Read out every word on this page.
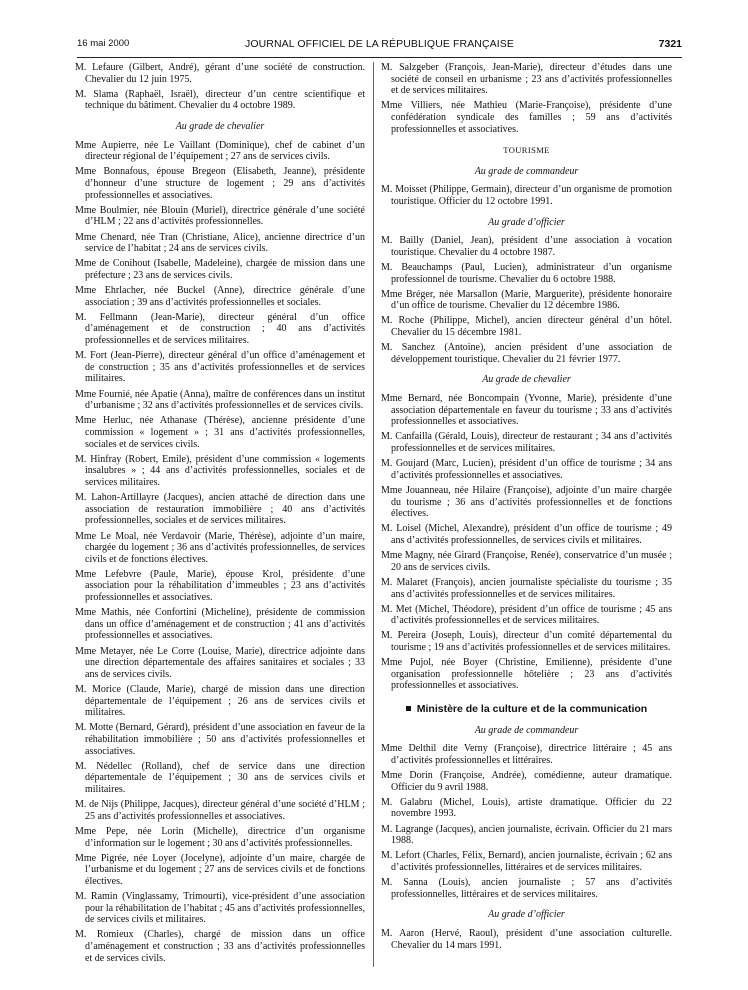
16 mai 2000	JOURNAL OFFICIEL DE LA RÉPUBLIQUE FRANÇAISE	7321
M. Lefaure (Gilbert, André), gérant d’une société de construction. Chevalier du 12 juin 1975.
M. Slama (Raphaël, Israël), directeur d’un centre scientifique et technique du bâtiment. Chevalier du 4 octobre 1989.
Au grade de chevalier
Mme Aupierre, née Le Vaillant (Dominique), chef de cabinet d’un directeur régional de l’équipement ; 27 ans de services civils.
Mme Bonnafous, épouse Bregeon (Elisabeth, Jeanne), présidente d’honneur d’une structure de logement ; 29 ans d’activités professionnelles et associatives.
Mme Boulmier, née Blouin (Muriel), directrice générale d’une société d’HLM ; 22 ans d’activités professionnelles.
Mme Chenard, née Tran (Christiane, Alice), ancienne directrice d’un service de l’habitat ; 24 ans de services civils.
Mme de Conihout (Isabelle, Madeleine), chargée de mission dans une préfecture ; 23 ans de services civils.
Mme Ehrlacher, née Buckel (Anne), directrice générale d’une association ; 39 ans d’activités professionnelles et sociales.
M. Fellmann (Jean-Marie), directeur général d’un office d’aménagement et de construction ; 40 ans d’activités professionnelles et de services militaires.
M. Fort (Jean-Pierre), directeur général d’un office d’aménagement et de construction ; 35 ans d’activités professionnelles et de services militaires.
Mme Fournié, née Apatie (Anna), maître de conférences dans un institut d’urbanisme ; 32 ans d’activités professionnelles et de services civils.
Mme Herluc, née Athanase (Thérèse), ancienne présidente d’une commission « logement » ; 31 ans d’activités professionnelles, sociales et de services civils.
M. Hinfray (Robert, Emile), président d’une commission « logements insalubres » ; 44 ans d’activités professionnelles, sociales et de services militaires.
M. Lahon-Artillayre (Jacques), ancien attaché de direction dans une association de restauration immobilière ; 40 ans d’activités professionnelles, sociales et de services militaires.
Mme Le Moal, née Verdavoir (Marie, Thérèse), adjointe d’un maire, chargée du logement ; 36 ans d’activités professionnelles, de services civils et de fonctions électives.
Mme Lefebvre (Paule, Marie), épouse Krol, présidente d’une association pour la réhabilitation d’immeubles ; 23 ans d’activités professionnelles et associatives.
Mme Mathis, née Confortini (Micheline), présidente de commission dans un office d’aménagement et de construction ; 41 ans d’activités professionnelles et associatives.
Mme Metayer, née Le Corre (Louise, Marie), directrice adjointe dans une direction départementale des affaires sanitaires et sociales ; 33 ans de services civils.
M. Morice (Claude, Marie), chargé de mission dans une direction départementale de l’équipement ; 26 ans de services civils et militaires.
M. Motte (Bernard, Gérard), président d’une association en faveur de la réhabilitation immobilière ; 50 ans d’activités professionnelles et associatives.
M. Nédellec (Rolland), chef de service dans une direction départementale de l’équipement ; 30 ans de services civils et militaires.
M. de Nijs (Philippe, Jacques), directeur général d’une société d’HLM ; 25 ans d’activités professionnelles et associatives.
Mme Pepe, née Lorin (Michelle), directrice d’un organisme d’information sur le logement ; 30 ans d’activités professionnelles.
Mme Pigrée, née Loyer (Jocelyne), adjointe d’un maire, chargée de l’urbanisme et du logement ; 27 ans de services civils et de fonctions électives.
M. Ramin (Vinglassamy, Trimourti), vice-président d’une association pour la réhabilitation de l’habitat ; 45 ans d’activités professionnelles, de services civils et militaires.
M. Romieux (Charles), chargé de mission dans un office d’aménagement et construction ; 33 ans d’activités professionnelles et de services civils.
M. Salzgeber (François, Jean-Marie), directeur d’études dans une société de conseil en urbanisme ; 23 ans d’activités professionnelles et de services militaires.
Mme Villiers, née Mathieu (Marie-Françoise), présidente d’une confédération syndicale des familles ; 59 ans d’activités professionnelles et associatives.
TOURISME
Au grade de commandeur
M. Moisset (Philippe, Germain), directeur d’un organisme de promotion touristique. Officier du 12 octobre 1991.
Au grade d’officier
M. Bailly (Daniel, Jean), président d’une association à vocation touristique. Chevalier du 4 octobre 1987.
M. Beauchamps (Paul, Lucien), administrateur d’un organisme professionnel de tourisme. Chevalier du 6 octobre 1988.
Mme Bréger, née Marsallon (Marie, Marguerite), présidente honoraire d’un office de tourisme. Chevalier du 12 décembre 1986.
M. Roche (Philippe, Michel), ancien directeur général d’un hôtel. Chevalier du 15 décembre 1981.
M. Sanchez (Antoine), ancien président d’une association de développement touristique. Chevalier du 21 février 1977.
Au grade de chevalier
Mme Bernard, née Boncompain (Yvonne, Marie), présidente d’une association départementale en faveur du tourisme ; 33 ans d’activités professionnelles et associatives.
M. Canfailla (Gérald, Louis), directeur de restaurant ; 34 ans d’activités professionnelles et de services militaires.
M. Goujard (Marc, Lucien), président d’un office de tourisme ; 34 ans d’activités professionnelles et associatives.
Mme Jouanneau, née Hilaire (Françoise), adjointe d’un maire chargée du tourisme ; 36 ans d’activités professionnelles et de fonctions électives.
M. Loisel (Michel, Alexandre), président d’un office de tourisme ; 49 ans d’activités professionnelles, de services civils et militaires.
Mme Magny, née Girard (Françoise, Renée), conservatrice d’un musée ; 20 ans de services civils.
M. Malaret (François), ancien journaliste spécialiste du tourisme ; 35 ans d’activités professionnelles et de services militaires.
M. Met (Michel, Théodore), président d’un office de tourisme ; 45 ans d’activités professionnelles et de services militaires.
M. Pereira (Joseph, Louis), directeur d’un comité départemental du tourisme ; 19 ans d’activités professionnelles et de services militaires.
Mme Pujol, née Boyer (Christine, Emilienne), présidente d’une organisation professionnelle hôtelière ; 23 ans d’activités professionnelles et associatives.
Ministère de la culture et de la communication
Au grade de commandeur
Mme Delthil dite Verny (Françoise), directrice littéraire ; 45 ans d’activités professionnelles et littéraires.
Mme Dorin (Françoise, Andrée), comédienne, auteur dramatique. Officier du 9 avril 1988.
M. Galabru (Michel, Louis), artiste dramatique. Officier du 22 novembre 1993.
M. Lagrange (Jacques), ancien journaliste, écrivain. Officier du 21 mars 1988.
M. Lefort (Charles, Félix, Bernard), ancien journaliste, écrivain ; 62 ans d’activités professionnelles, littéraires et de services militaires.
M. Sanna (Louis), ancien journaliste ; 57 ans d’activités professionnelles, littéraires et de services militaires.
Au grade d’officier
M. Aaron (Hervé, Raoul), président d’une association culturelle. Chevalier du 14 mars 1991.
